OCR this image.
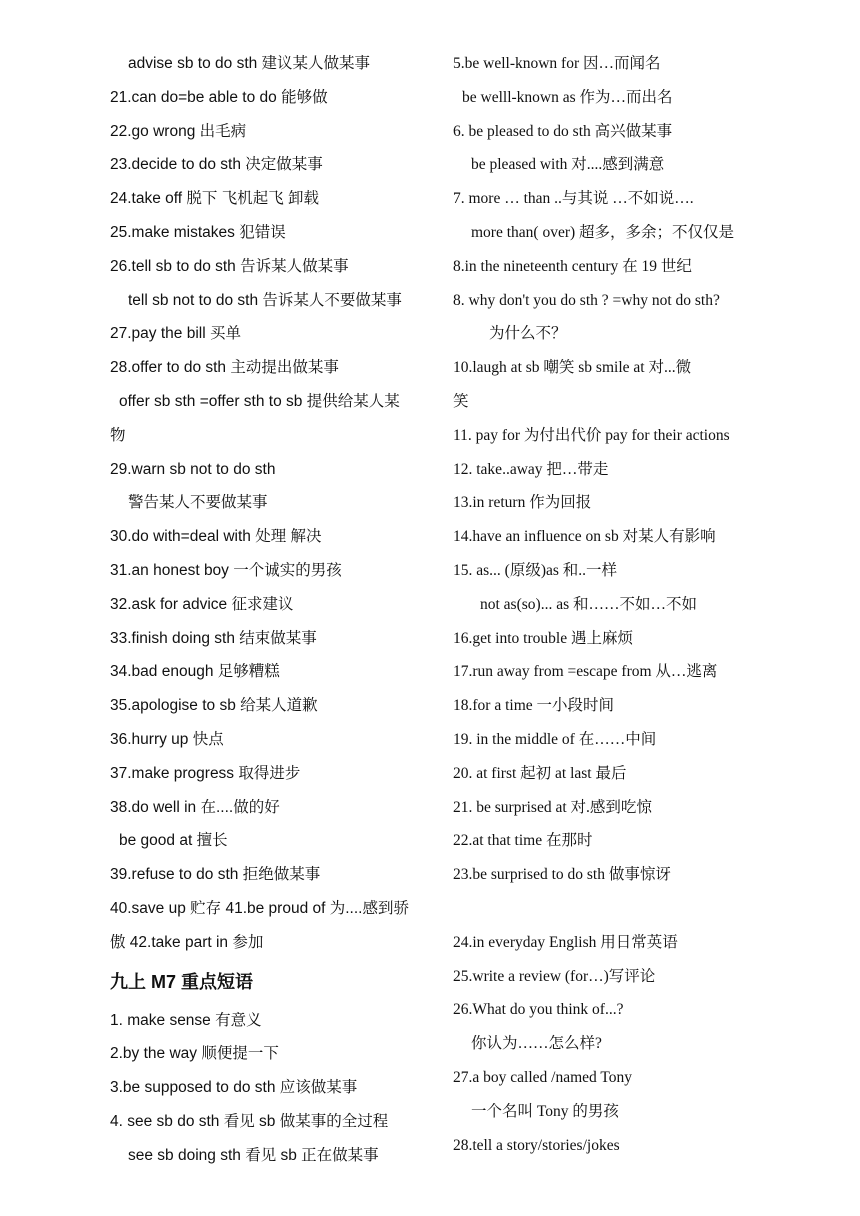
advise sb to do sth 建议某人做某事
21.can do=be able to do 能够做
22.go wrong 出毛病
23.decide to do sth 决定做某事
24.take off 脱下 飞机起飞 卸载
25.make mistakes 犯错误
26.tell sb to do sth 告诉某人做某事
tell sb not to do sth 告诉某人不要做某事
27.pay the bill 买单
28.offer to do sth 主动提出做某事
offer sb sth =offer sth to sb 提供给某人某
物
29.warn sb not to do sth
警告某人不要做某事
30.do with=deal with 处理 解决
31.an honest boy 一个诚实的男孩
32.ask for advice 征求建议
33.finish doing sth 结束做某事
34.bad enough 足够糟糕
35.apologise to sb 给某人道歉
36.hurry up 快点
37.make progress 取得进步
38.do well in 在....做的好
be good at 擅长
39.refuse to do sth 拒绝做某事
40.save up 贮存 41.be proud of 为....感到骄
傲 42.take part in 参加
九上 M7 重点短语
1. make sense 有意义
2.by the way 顺便提一下
3.be supposed to do sth 应该做某事
4. see sb do sth 看见 sb 做某事的全过程
see sb doing sth 看见 sb 正在做某事
5.be well-known for 因…而闻名
be welll-known as 作为…而出名
6. be pleased to do sth 高兴做某事
be pleased with 对....感到满意
7. more … than ..与其说 …不如说….
more than( over) 超多，多余；不仅仅是
8.in the nineteenth century 在 19 世纪
8. why don't you do sth ? =why not do sth?
为什么不？
10.laugh at sb 嘲笑 sb smile at 对...微
笑
11. pay for 为付出代价 pay for their actions
12. take..away 把…带走
13.in return 作为回报
14.have an influence on sb 对某人有影响
15. as... (原级)as 和..一样
not as(so)... as 和……不如…不如
16.get into trouble 遇上麻烦
17.run away from =escape from 从…逃离
18.for a time 一小段时间
19. in the middle of 在……中间
20. at first 起初 at last 最后
21. be surprised at 对.感到吃惊
22.at that time 在那时
23.be surprised to do sth 做事惊讶
24.in everyday English 用日常英语
25.write a review (for…)写评论
26.What do you think of...?
你认为……怎么样?
27.a boy called /named Tony
一个名叫 Tony 的男孩
28.tell a story/stories/jokes
